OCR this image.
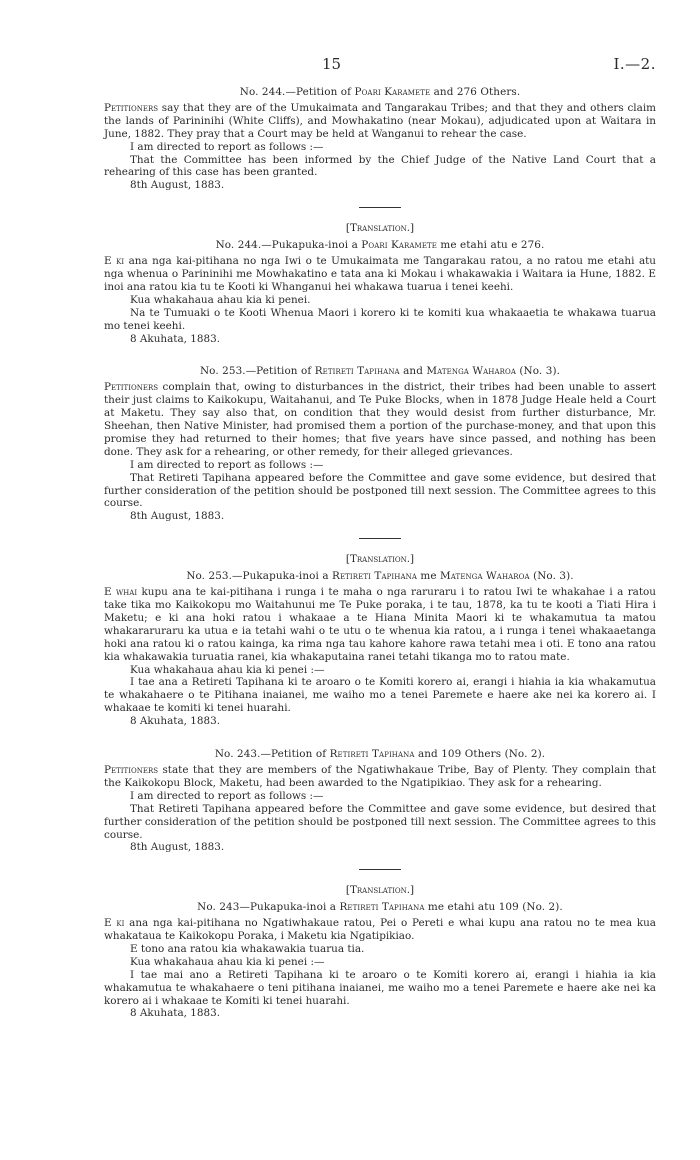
15	I.—2.

No. 244.—Petition of Poari Karamete and 276 Others.

Petitioners say that they are of the Umukaimata and Tangarakau Tribes; and that they and others claim the lands of Parininihi (White Cliffs), and Mowhakatino (near Mokau), adjudicated upon at Waitara in June, 1882. They pray that a Court may be held at Wanganui to rehear the case.

I am directed to report as follows :—

That the Committee has been informed by the Chief Judge of the Native Land Court that a rehearing of this case has been granted.

8th August, 1883.

[Translation.]

No. 244.—Pukapuka-inoi a Poari Karamete me etahi atu e 276.

E ki ana nga kai-pitihana no nga Iwi o te Umukaimata me Tangarakau ratou, a no ratou me etahi atu nga whenua o Parininihi me Mowhakatino e tata ana ki Mokau i whakawakia i Waitara ia Hune, 1882. E inoi ana ratou kia tu te Kooti ki Whanganui hei whakawa tuarua i tenei keehi.

Kua whakahaua ahau kia ki penei.

Na te Tumuaki o te Kooti Whenua Maori i korero ki te komiti kua whakaaetia te whakawa tuarua mo tenei keehi.

8 Akuhata, 1883.

No. 253.—Petition of Retireti Tapihana and Matenga Waharoa (No. 3).

Petitioners complain that, owing to disturbances in the district, their tribes had been unable to assert their just claims to Kaikokupu, Waitahanui, and Te Puke Blocks, when in 1878 Judge Heale held a Court at Maketu. They say also that, on condition that they would desist from further disturbance, Mr. Sheehan, then Native Minister, had promised them a portion of the purchase-money, and that upon this promise they had returned to their homes; that five years have since passed, and nothing has been done. They ask for a rehearing, or other remedy, for their alleged grievances.

I am directed to report as follows :—

That Retireti Tapihana appeared before the Committee and gave some evidence, but desired that further consideration of the petition should be postponed till next session. The Committee agrees to this course.

8th August, 1883.

[Translation.]

No. 253.—Pukapuka-inoi a Retireti Tapihana me Matenga Waharoa (No. 3).

E whai kupu ana te kai-pitihana i runga i te maha o nga raruraru i to ratou Iwi te whakahae i a ratou take tika mo Kaikokopu mo Waitahunui me Te Puke poraka, i te tau, 1878, ka tu te kooti a Tiati Hira i Maketu; e ki ana hoki ratou i whakaae a te Hiana Minita Maori ki te whakamutua ta matou whakararuraru ka utua e ia tetahi wahi o te utu o te whenua kia ratou, a i runga i tenei whakaaetanga hoki ana ratou ki o ratou kainga, ka rima nga tau kahore kahore rawa tetahi mea i oti. E tono ana ratou kia whakawakia turuatia ranei, kia whakaputaina ranei tetahi tikanga mo to ratou mate.

Kua whakahaua ahau kia ki penei :—

I tae ana a Retireti Tapihana ki te aroaro o te Komiti korero ai, erangi i hiahia ia kia whakamutua te whakahaere o te Pitihana inaianei, me waiho mo a tenei Paremete e haere ake nei ka korero ai. I whakaae te komiti ki tenei huarahi.

8 Akuhata, 1883.

No. 243.—Petition of Retireti Tapihana and 109 Others (No. 2).

Petitioners state that they are members of the Ngatiwhakaue Tribe, Bay of Plenty. They complain that the Kaikokopu Block, Maketu, had been awarded to the Ngatipikiao. They ask for a rehearing.

I am directed to report as follows :—

That Retireti Tapihana appeared before the Committee and gave some evidence, but desired that further consideration of the petition should be postponed till next session. The Committee agrees to this course.

8th August, 1883.

[Translation.]

No. 243—Pukapuka-inoi a Retireti Tapihana me etahi atu 109 (No. 2).

E ki ana nga kai-pitihana no Ngatiwhakaue ratou, Pei o Pereti e whai kupu ana ratou no te mea kua whakataua te Kaikokopu Poraka, i Maketu kia Ngatipikiao.

E tono ana ratou kia whakawakia tuarua tia.

Kua whakahaua ahau kia ki penei :—

I tae mai ano a Retireti Tapihana ki te aroaro o te Komiti korero ai, erangi i hiahia ia kia whakamutua te whakahaere o teni pitihana inaianei, me waiho mo a tenei Paremete e haere ake nei ka korero ai i whakaae te Komiti ki tenei huarahi.

8 Akuhata, 1883.
